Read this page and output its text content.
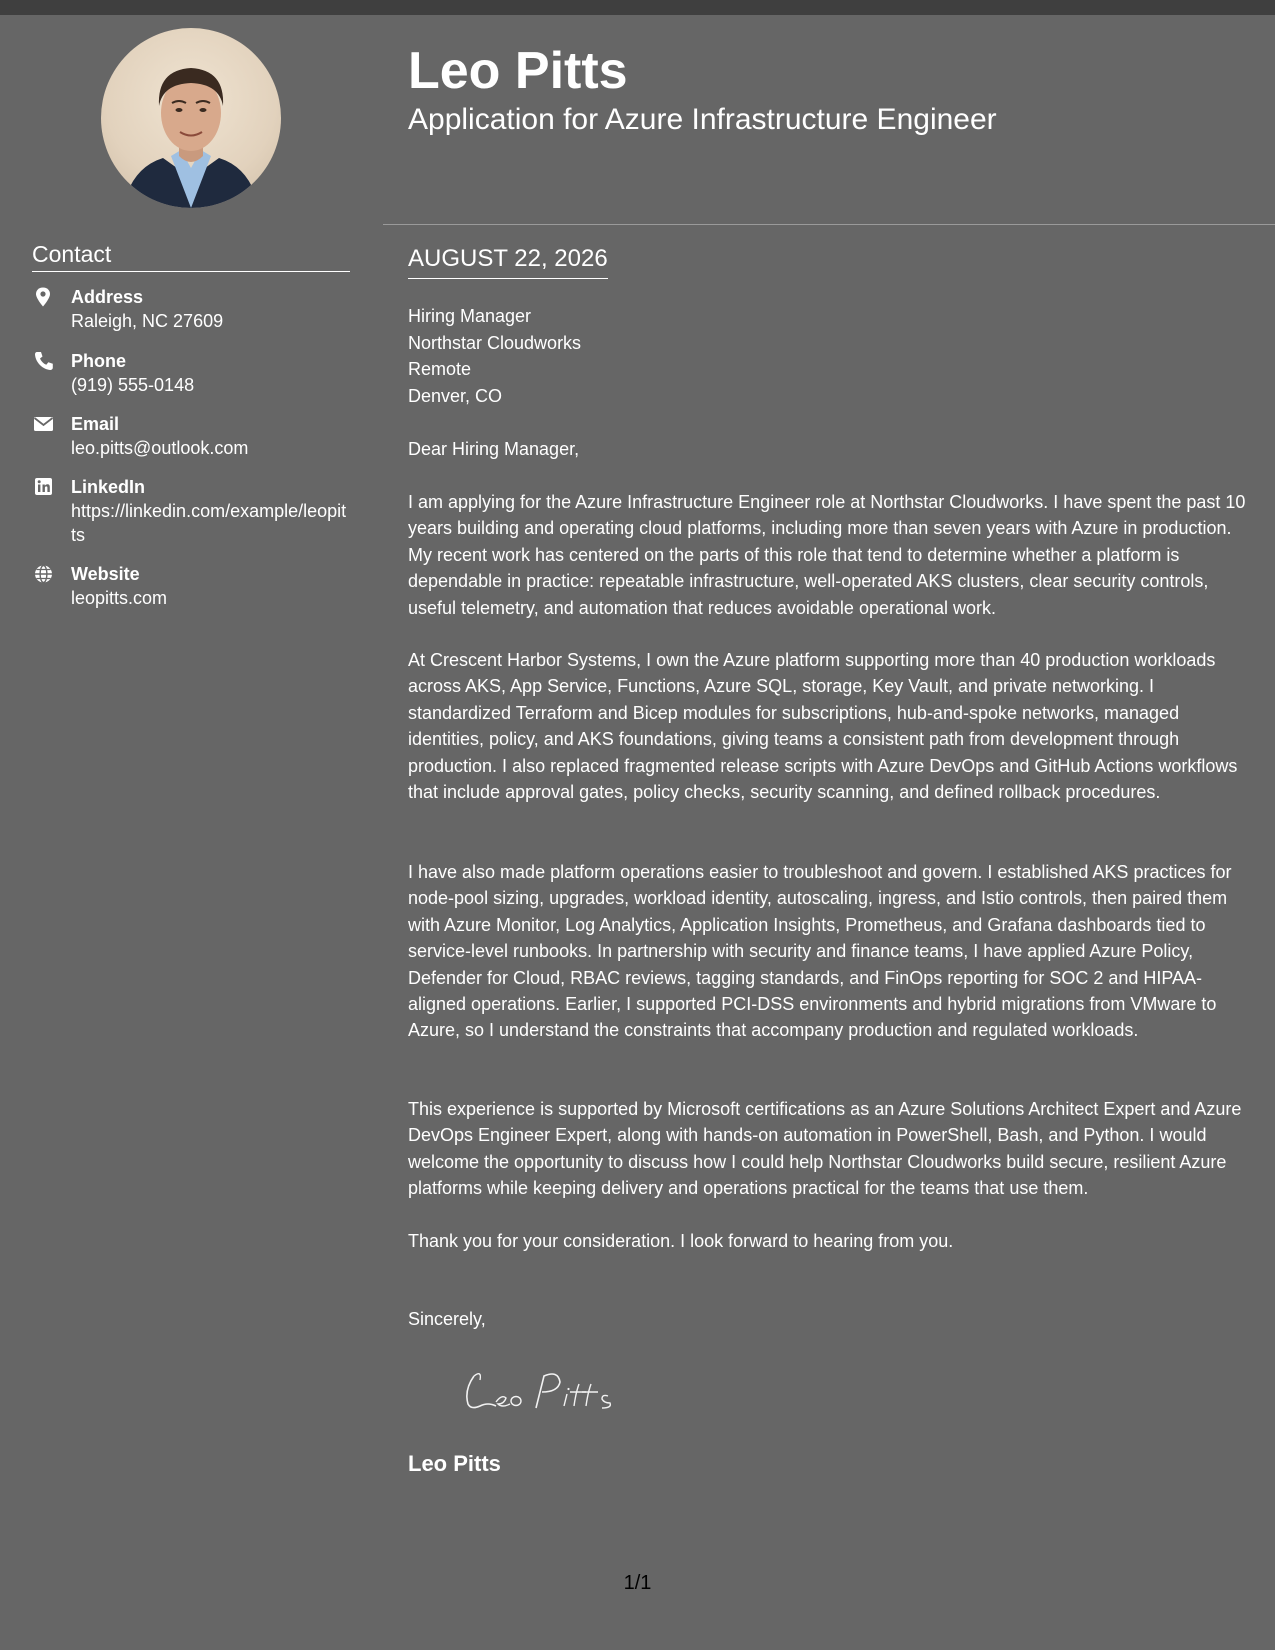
Contact
Address
Raleigh, NC 27609
Phone
(919) 555-0148
Email
leo.pitts@outlook.com
LinkedIn
https://linkedin.com/example/leopitts
Website
leopitts.com
Leo Pitts
Application for Azure Infrastructure Engineer
AUGUST 22, 2026
Hiring Manager
Northstar Cloudworks
Remote
Denver, CO
Dear Hiring Manager,

I am applying for the Azure Infrastructure Engineer role at Northstar Cloudworks. I have spent the past 10 years building and operating cloud platforms, including more than seven years with Azure in production. My recent work has centered on the parts of this role that tend to determine whether a platform is dependable in practice: repeatable infrastructure, well-operated AKS clusters, clear security controls, useful telemetry, and automation that reduces avoidable operational work.

At Crescent Harbor Systems, I own the Azure platform supporting more than 40 production workloads across AKS, App Service, Functions, Azure SQL, storage, Key Vault, and private networking. I standardized Terraform and Bicep modules for subscriptions, hub-and-spoke networks, managed identities, policy, and AKS foundations, giving teams a consistent path from development through production. I also replaced fragmented release scripts with Azure DevOps and GitHub Actions workflows that include approval gates, policy checks, security scanning, and defined rollback procedures.

I have also made platform operations easier to troubleshoot and govern. I established AKS practices for node-pool sizing, upgrades, workload identity, autoscaling, ingress, and Istio controls, then paired them with Azure Monitor, Log Analytics, Application Insights, Prometheus, and Grafana dashboards tied to service-level runbooks. In partnership with security and finance teams, I have applied Azure Policy, Defender for Cloud, RBAC reviews, tagging standards, and FinOps reporting for SOC 2 and HIPAA-aligned operations. Earlier, I supported PCI-DSS environments and hybrid migrations from VMware to Azure, so I understand the constraints that accompany production and regulated workloads.

This experience is supported by Microsoft certifications as an Azure Solutions Architect Expert and Azure DevOps Engineer Expert, along with hands-on automation in PowerShell, Bash, and Python. I would welcome the opportunity to discuss how I could help Northstar Cloudworks build secure, resilient Azure platforms while keeping delivery and operations practical for the teams that use them.

Thank you for your consideration. I look forward to hearing from you.

Sincerely,
Leo Pitts
1/1
